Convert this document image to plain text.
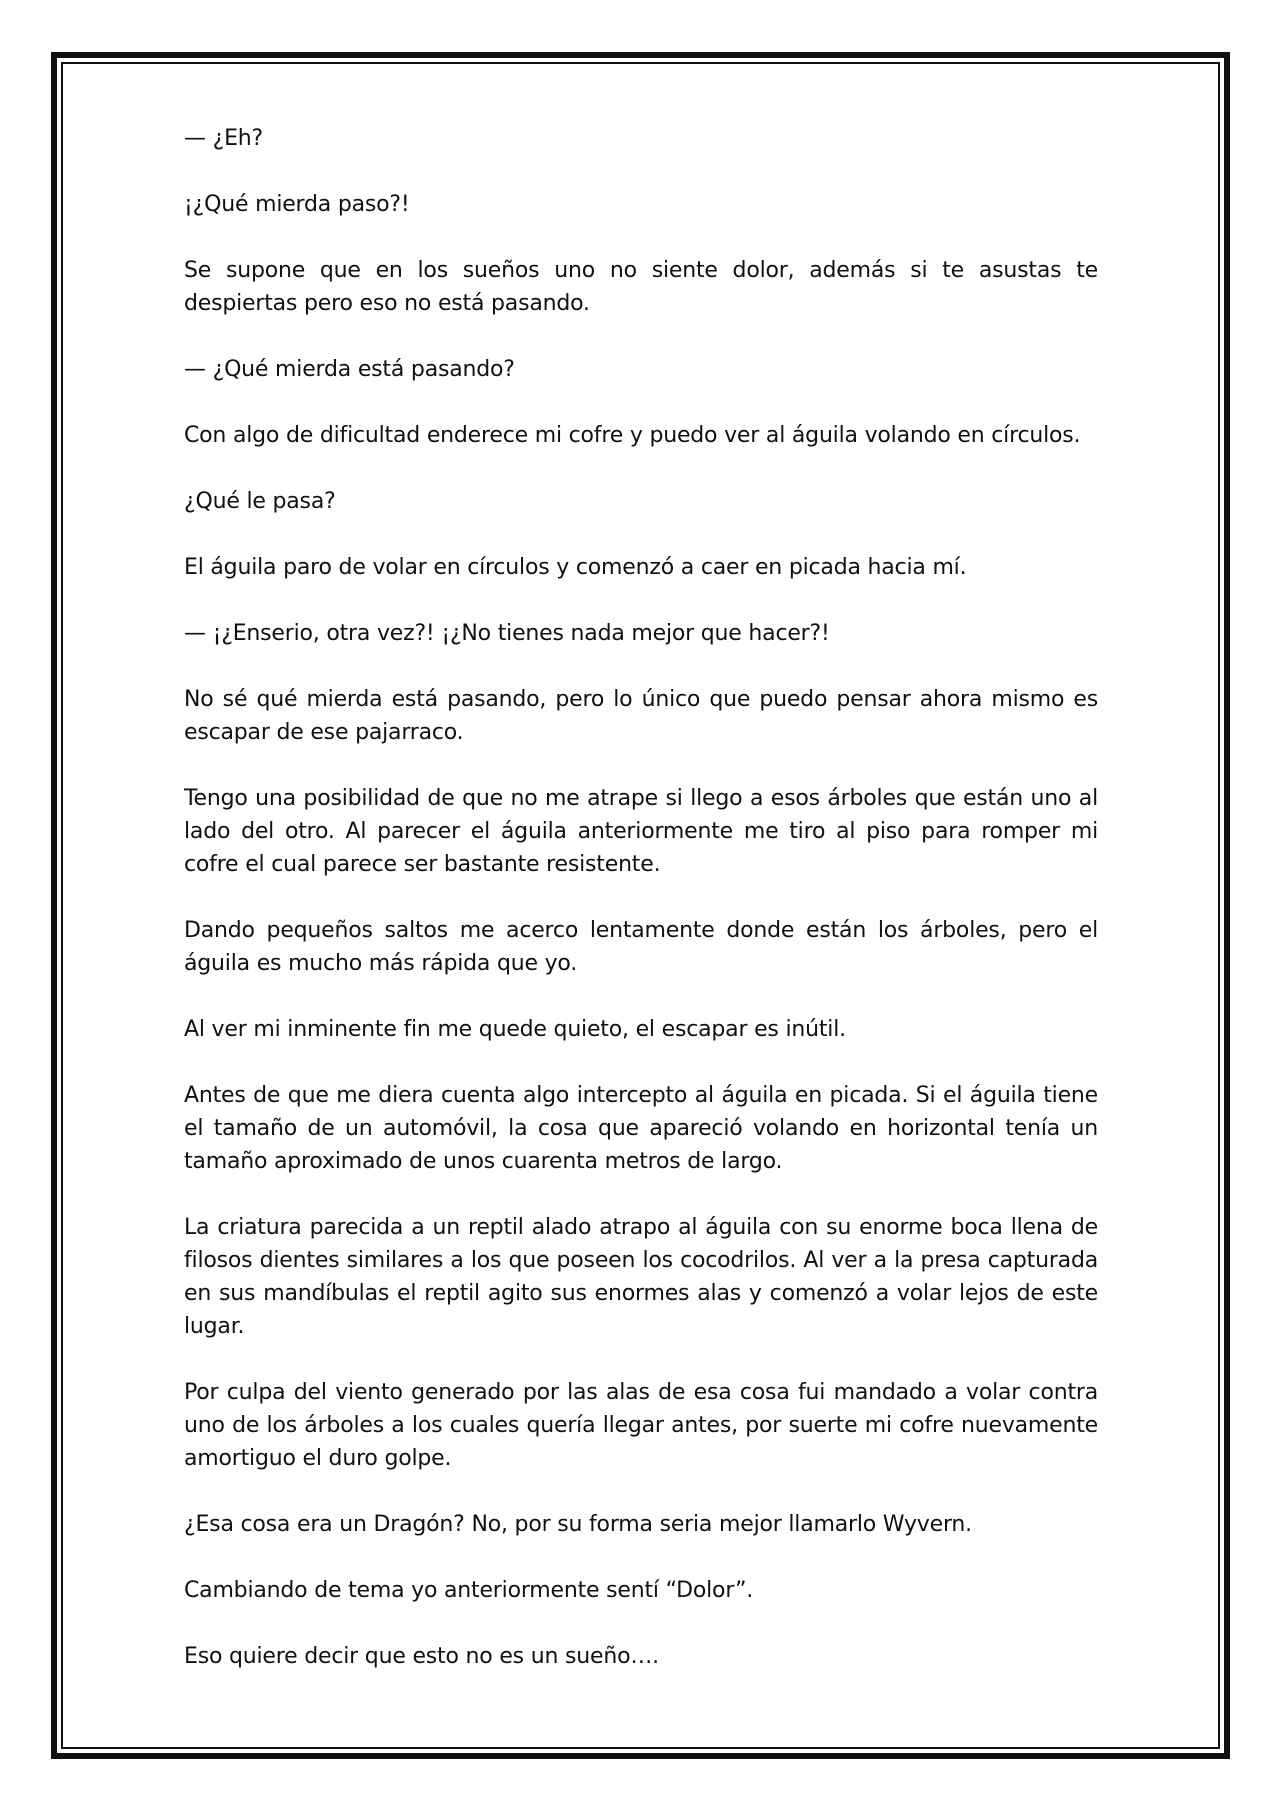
— ¿Eh?

¡¿Qué mierda paso?!

Se supone que en los sueños uno no siente dolor, además si te asustas te despiertas pero eso no está pasando.

— ¿Qué mierda está pasando?

Con algo de dificultad enderece mi cofre y puedo ver al águila volando en círculos.

¿Qué le pasa?

El águila paro de volar en círculos y comenzó a caer en picada hacia mí.

— ¡¿Enserio, otra vez?! ¡¿No tienes nada mejor que hacer?!

No sé qué mierda está pasando, pero lo único que puedo pensar ahora mismo es escapar de ese pajarraco.

Tengo una posibilidad de que no me atrape si llego a esos árboles que están uno al lado del otro. Al parecer el águila anteriormente me tiro al piso para romper mi cofre el cual parece ser bastante resistente.

Dando pequeños saltos me acerco lentamente donde están los árboles, pero el águila es mucho más rápida que yo.

Al ver mi inminente fin me quede quieto, el escapar es inútil.

Antes de que me diera cuenta algo intercepto al águila en picada. Si el águila tiene el tamaño de un automóvil, la cosa que apareció volando en horizontal tenía un tamaño aproximado de unos cuarenta metros de largo.

La criatura parecida a un reptil alado atrapo al águila con su enorme boca llena de filosos dientes similares a los que poseen los cocodrilos. Al ver a la presa capturada en sus mandíbulas el reptil agito sus enormes alas y comenzó a volar lejos de este lugar.

Por culpa del viento generado por las alas de esa cosa fui mandado a volar contra uno de los árboles a los cuales quería llegar antes, por suerte mi cofre nuevamente amortiguo el duro golpe.

¿Esa cosa era un Dragón? No, por su forma seria mejor llamarlo Wyvern.

Cambiando de tema yo anteriormente sentí “Dolor”.

Eso quiere decir que esto no es un sueño….
